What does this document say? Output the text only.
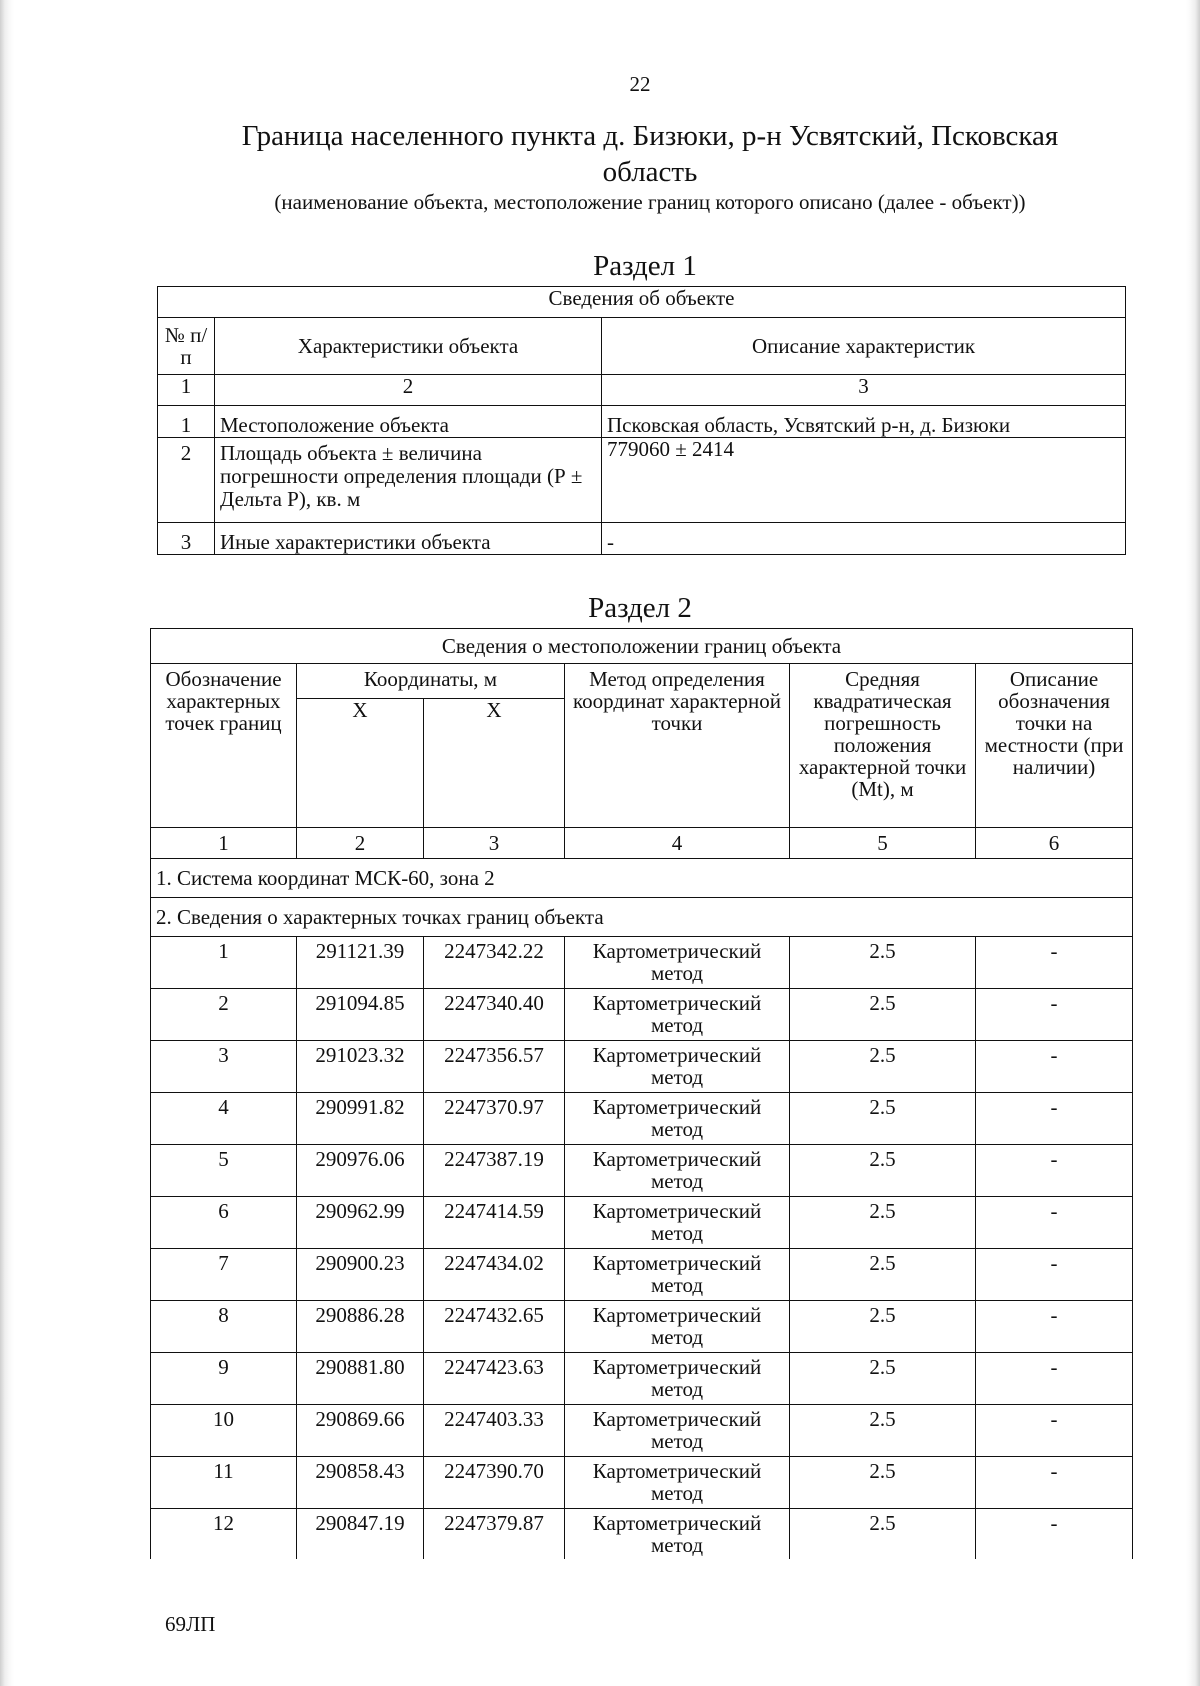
22
Граница населенного пункта д. Бизюки, р-н Усвятский, Псковская
область
(наименование объекта, местоположение границ которого описано (далее - объект))
Раздел 1
Сведения об объекте		
№ п/п	Характеристики объекта	Описание характеристик
1	2	3
1	Местоположение объекта	Псковская область, Усвятский р-н, д. Бизюки
2	Площадь объекта ± величина погрешности определения площади (Р ± Дельта Р), кв. м	779060 ± 2414
3	Иные характеристики объекта	-
Раздел 2
Сведения о местоположении границ объекта					
Обозначение характерных точек границ	Координаты, м		Метод определения координат характерной точки	Средняя квадратическая погрешность положения характерной точки (Mt), м	Описание обозначения точки на местности (при наличии)
	X	X			
1	2	3	4	5	6
1. Система координат МСК-60, зона 2					
2. Сведения о характерных точках границ объекта					

1	291121.39	2247342.22	Картометрический метод	2.5	-

2	291094.85	2247340.40	Картометрический метод	2.5	-

3	291023.32	2247356.57	Картометрический метод	2.5	-

4	290991.82	2247370.97	Картометрический метод	2.5	-

5	290976.06	2247387.19	Картометрический метод	2.5	-

6	290962.99	2247414.59	Картометрический метод	2.5	-

7	290900.23	2247434.02	Картометрический метод	2.5	-

8	290886.28	2247432.65	Картометрический метод	2.5	-

9	290881.80	2247423.63	Картометрический метод	2.5	-

10	290869.66	2247403.33	Картометрический метод	2.5	-

11	290858.43	2247390.70	Картометрический метод	2.5	-

12	290847.19	2247379.87	Картометрический метод	2.5	-
69ЛП
